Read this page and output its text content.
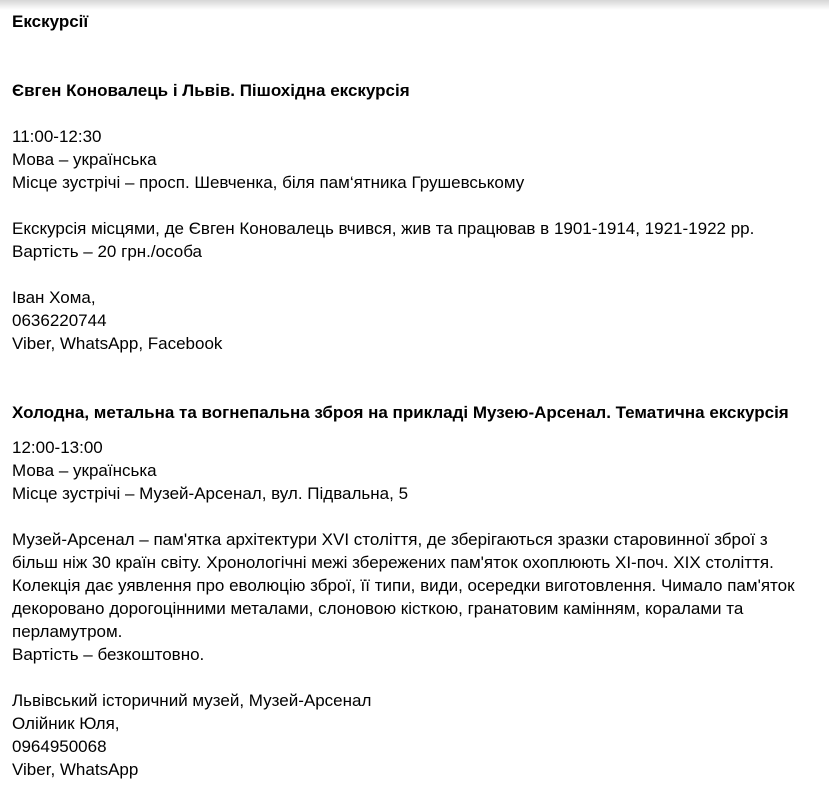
Екскурсії
Євген Коновалець і Львів. Пішохідна екскурсія
11:00-12:30
Мова – українська
Місце зустрічі – просп. Шевченка, біля пам‘ятника Грушевському
Екскурсія місцями, де Євген Коновалець вчився, жив та працював в 1901-1914, 1921-1922 рр.
Вартість – 20 грн./особа
Іван Хома,
0636220744
Viber, WhatsApp, Facebook
Холодна, метальна та вогнепальна зброя на прикладі Музею-Арсенал. Тематична екскурсія
12:00-13:00
Мова – українська
Місце зустрічі – Музей-Арсенал, вул. Підвальна, 5
Музей-Арсенал – пам'ятка архітектури XVI століття, де зберігаються зразки старовинної зброї з більш ніж 30 країн світу. Хронологічні межі збережених пам'яток охоплюють XI-поч. XIX століття. Колекція дає уявлення про еволюцію зброї, її типи, види, осередки виготовлення. Чимало пам'яток декоровано дорогоцінними металами, слоновою кісткою, гранатовим камінням, коралами та перламутром.
Вартість – безкоштовно.
Львівський історичний музей, Музей-Арсенал
Олійник Юля,
0964950068
Viber, WhatsApp
